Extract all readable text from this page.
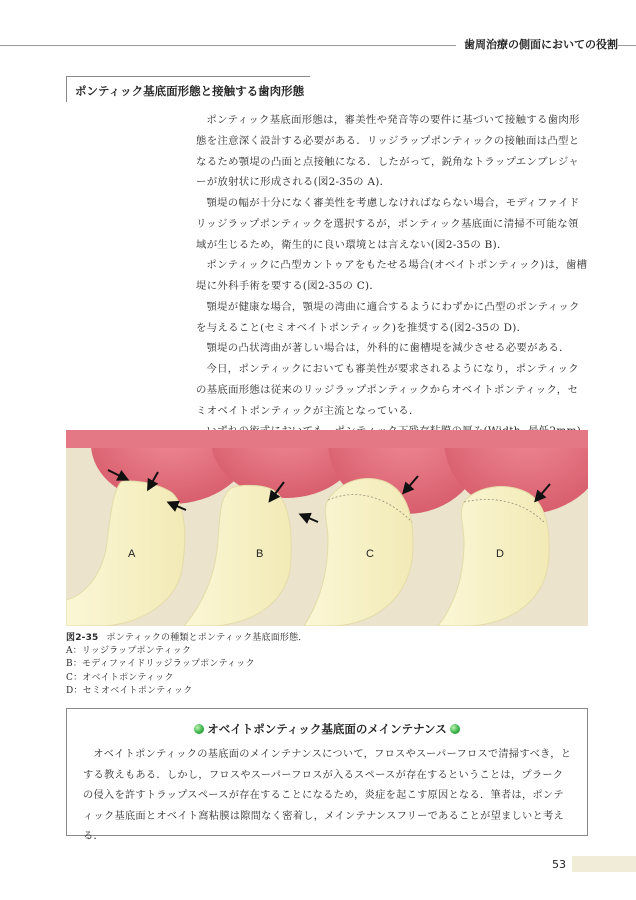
歯周治療の側面においての役割
ポンティック基底面形態と接触する歯肉形態

ポンティック基底面形態は，審美性や発音等の要件に基づいて接触する歯肉形態を注意深く設計する必要がある．リッジラップポンティックの接触面は凸型となるため顎堤の凸面と点接触になる．したがって，鋭角なトラップエンブレジャーが放射状に形成される(図2-35の A)．

顎堤の幅が十分になく審美性を考慮しなければならない場合，モディファイドリッジラップポンティックを選択するが，ポンティック基底面に清掃不可能な領域が生じるため，衛生的に良い環境とは言えない(図2-35の B)．

ポンティックに凸型カントゥアをもたせる場合(オベイトポンティック)は，歯槽堤に外科手術を要する(図2-35の C)．

顎堤が健康な場合，顎堤の湾曲に適合するようにわずかに凸型のポンティックを与えること(セミオベイトポンティック)を推奨する(図2-35の D)．

顎堤の凸状湾曲が著しい場合は，外科的に歯槽堤を減少させる必要がある．

今日，ポンティックにおいても審美性が要求されるようになり，ポンティックの基底面形態は従来のリッジラップポンティックからオベイトポンティック，セミオベイトポンティックが主流となっている．

A	B	C	D
図2-35 ポンティックの種類とポンティック基底面形態．
A：リッジラップポンティック
B：モディファイドリッジラップポンティック
C：オベイトポンティック
D：セミオベイトポンティック
オベイトポンティック基底面のメインテナンス

オベイトポンティックの基底面のメインテナンスについて，フロスやスーパーフロスで清掃すべき，とする教えもある．しかし，フロスやスーパーフロスが入るスペースが存在するということは，プラークの侵入を許すトラップスペースが存在することになるため，炎症を起こす原因となる．筆者は，ポンティック基底面とオベイト窩粘膜は隙間なく密着し，メインテナンスフリーであることが望ましいと考える．

53
